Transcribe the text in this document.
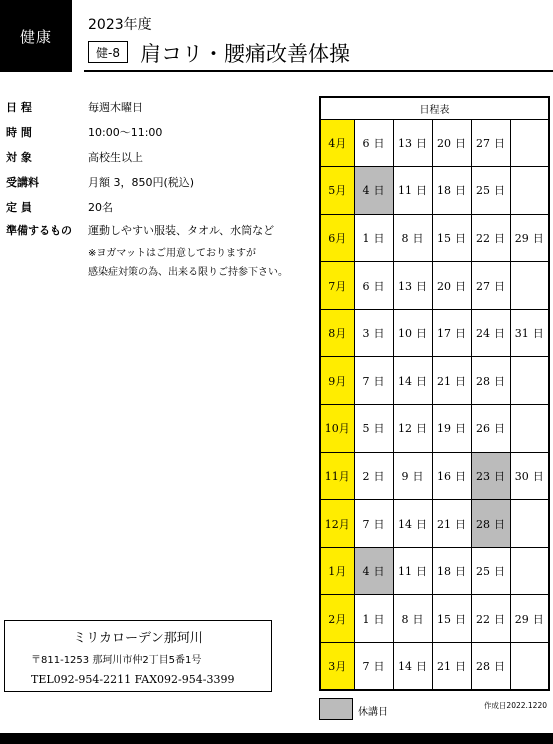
健康
2023年度
健-8 肩コリ・腰痛改善体操
日 程	毎週木曜日
時 間	10:00～11:00
対 象	高校生以上
受講料	月額 3，850円(税込)
定 員	20名
準備するもの	運動しやすい服装、タオル、水筒など
※ヨガマットはご用意しておりますが
感染症対策の為、出来る限りご持参下さい。
日程表					
4月	6 日	13 日	20 日	27 日	
5月	4 日	11 日	18 日	25 日	
6月	1 日	8 日	15 日	22 日	29 日
7月	6 日	13 日	20 日	27 日	
8月	3 日	10 日	17 日	24 日	31 日
9月	7 日	14 日	21 日	28 日	
10月	5 日	12 日	19 日	26 日	
11月	2 日	9 日	16 日	23 日	30 日
12月	7 日	14 日	21 日	28 日	
1月	4 日	11 日	18 日	25 日	
2月	1 日	8 日	15 日	22 日	29 日
3月	7 日	14 日	21 日	28 日	
休講日
作成日2022.1220
ミリカローデン那珂川
〒811-1253 那珂川市仲2丁目5番1号
TEL092-954-2211 FAX092-954-3399
